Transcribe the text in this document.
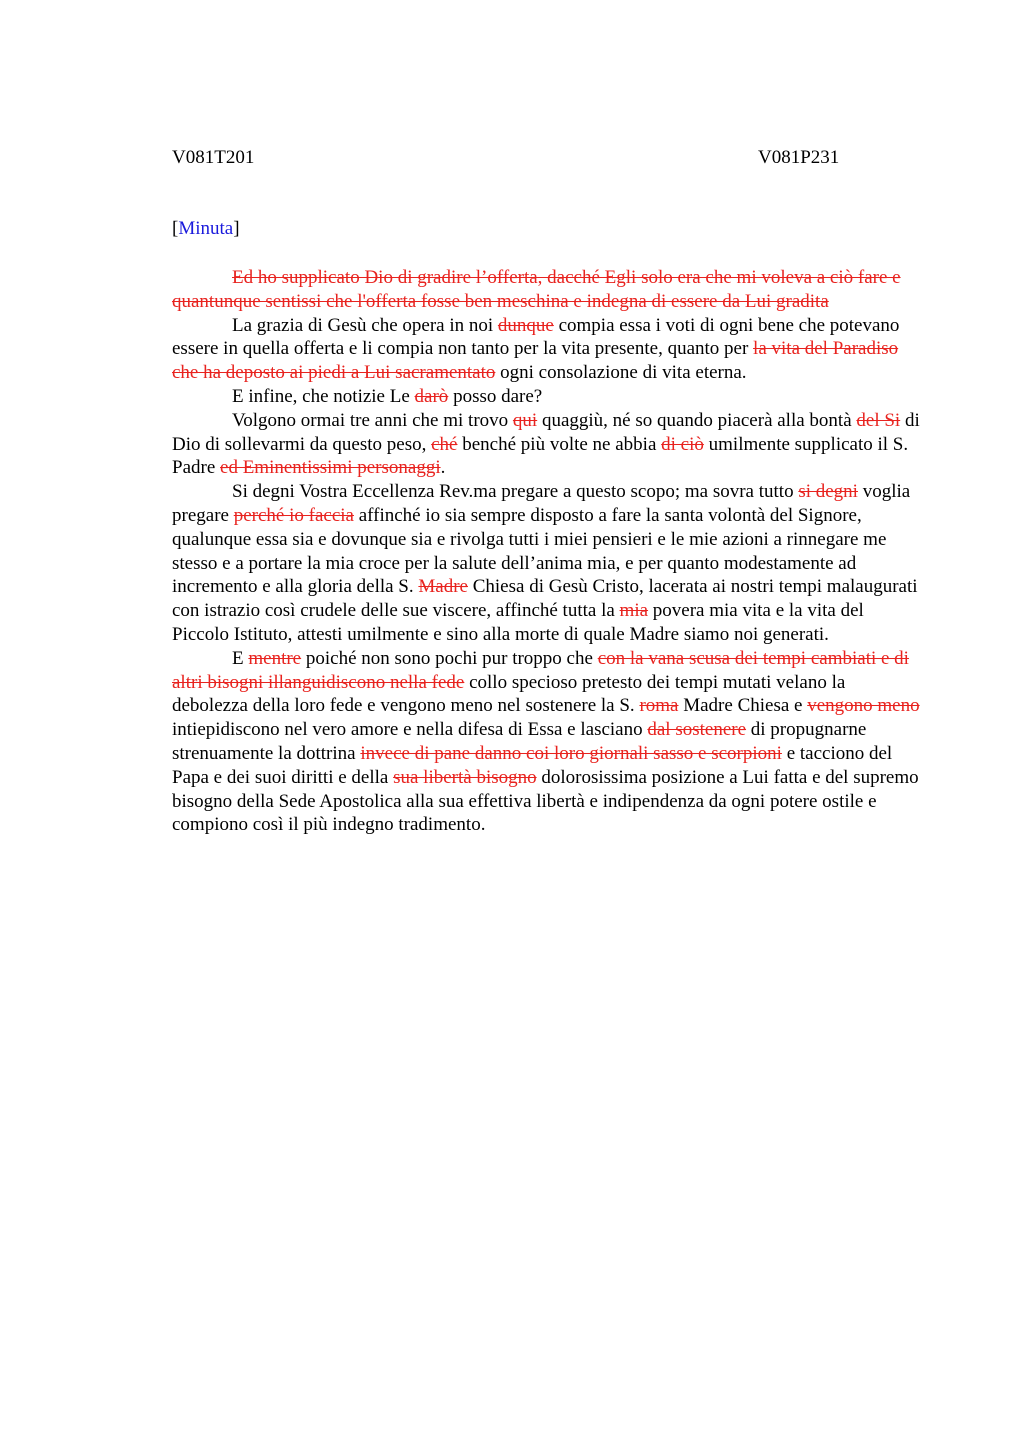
V081T201	V081P231
[Minuta]

Ed ho supplicato Dio di gradire l’offerta, dacché Egli solo era che mi voleva a ciò fare e quantunque sentissi che l'offerta fosse ben meschina e indegna di essere da Lui gradita

La grazia di Gesù che opera in noi dunque compia essa i voti di ogni bene che potevano essere in quella offerta e li compia non tanto per la vita presente, quanto per la vita del Paradiso che ha deposto ai piedi a Lui sacramentato ogni consolazione di vita eterna.

E infine, che notizie Le darò posso dare?

Volgono ormai tre anni che mi trovo qui quaggiù, né so quando piacerà alla bontà del Si di Dio di sollevarmi da questo peso, ché benché più volte ne abbia di ciò umilmente supplicato il S. Padre ed Eminentissimi personaggi.

Si degni Vostra Eccellenza Rev.ma pregare a questo scopo; ma sovra tutto si degni voglia pregare perché io faccia affinché io sia sempre disposto a fare la santa volontà del Signore, qualunque essa sia e dovunque sia e rivolga tutti i miei pensieri e le mie azioni a rinnegare me stesso e a portare la mia croce per la salute dell’anima mia, e per quanto modestamente ad incremento e alla gloria della S. Madre Chiesa di Gesù Cristo, lacerata ai nostri tempi malaugurati con istrazio così crudele delle sue viscere, affinché tutta la mia povera mia vita e la vita del Piccolo Istituto, attesti umilmente e sino alla morte di quale Madre siamo noi generati.

E mentre poiché non sono pochi pur troppo che con la vana scusa dei tempi cambiati e di altri bisogni illanguidiscono nella fede collo specioso pretesto dei tempi mutati velano la debolezza della loro fede e vengono meno nel sostenere la S. roma Madre Chiesa e vengono meno intiepidiscono nel vero amore e nella difesa di Essa e lasciano dal sostenere di propugnarne strenuamente la dottrina invece di pane danno coi loro giornali sasso e scorpioni e tacciono del Papa e dei suoi diritti e della sua libertà bisogno dolorosissima posizione a Lui fatta e del supremo bisogno della Sede Apostolica alla sua effettiva libertà e indipendenza da ogni potere ostile e compiono così il più indegno tradimento.
